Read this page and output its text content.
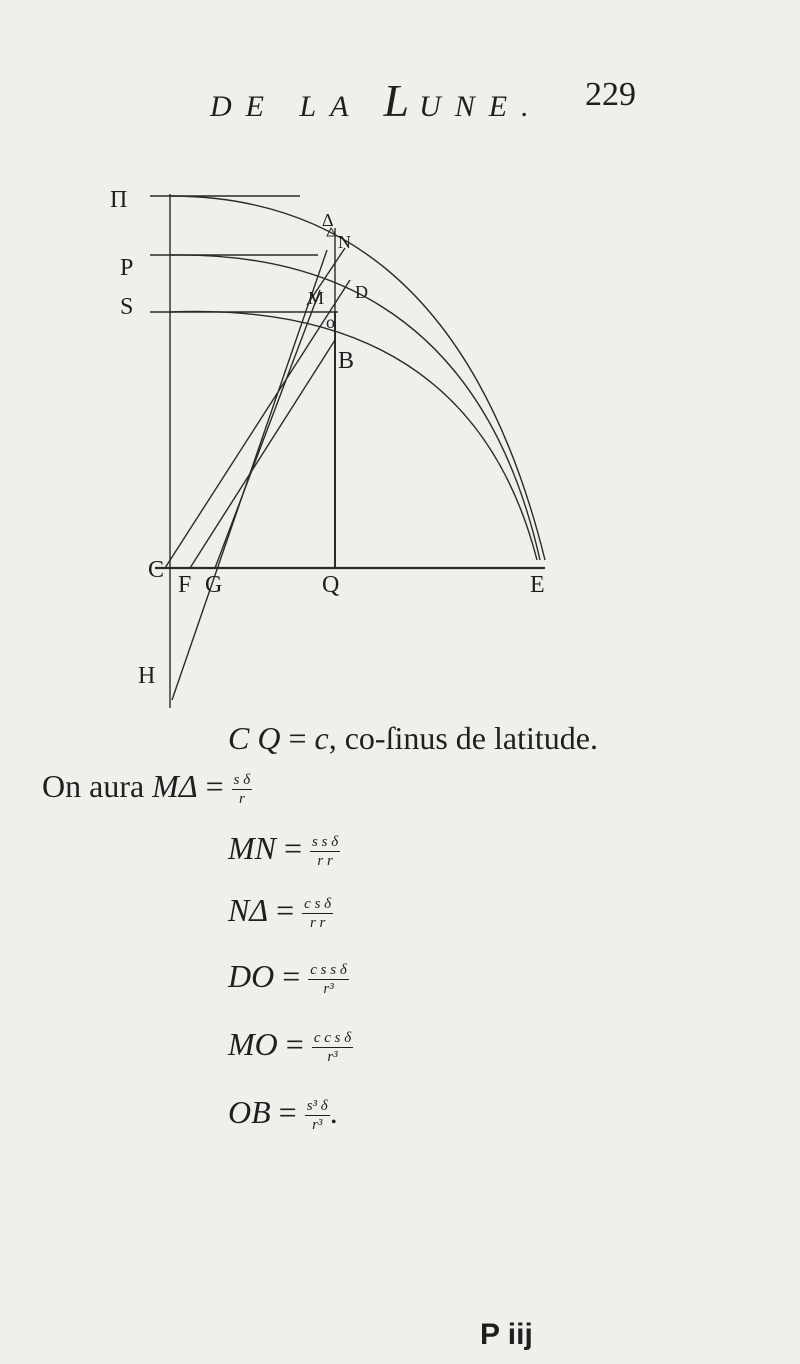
DE LA LUNE. 229
Π
P
S
C
H
Δ
N
M D
o
B
F G	Q	E
C Q = c, co-ſinus de latitude.
On aura $M\Delta = \frac{\text{s δ}}{r}$
MN = $\frac{\text{s s δ}}{\text{r r}}$
$N\Delta = \frac{\text{c s δ}}{\text{r r}}$
DO = $\frac{\text{c s s δ}}{\text{r³}}$
MO = $\frac{\text{c c s δ}}{\text{r³}}$
OB = $\frac{\text{s³ δ}}{\text{r³}}$ .
P iij
